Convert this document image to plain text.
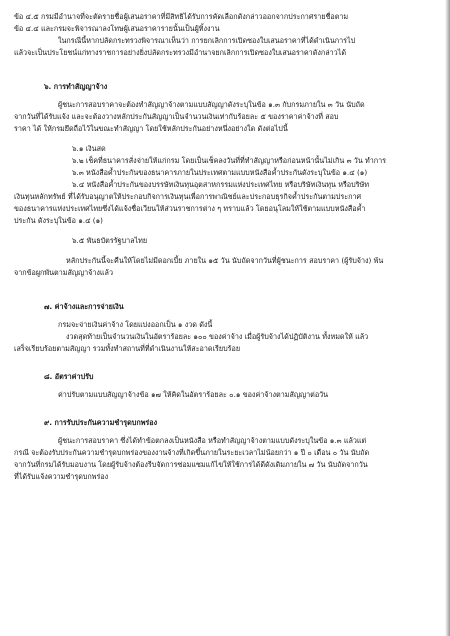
ข้อ ๔.๕ กรมมีอำนาจที่จะตัดรายชื่อผู้เสนอราคาที่มีสิทธิได้รับการคัดเลือกดังกล่าวออกจากประกาศรายชื่อตาม

ข้อ ๔.๔ และกรมจะพิจารณาลงโทษผู้เสนอราคารายนั้นเป็นผู้ทิ้งงาน

ในกรณีนี้หากปลัดกระทรวงพิจารณาเห็นว่า การยกเลิกการเปิดซองใบเสนอราคาที่ได้ดำเนินการไป

แล้วจะเป็นประโยชน์แก่ทางราชการอย่างยิ่งปลัดกระทรวงมีอำนาจยกเลิกการเปิดซองใบเสนอราคาดังกล่าวได้

๖. การทำสัญญาจ้าง

ผู้ชนะการสอบราคาจะต้องทำสัญญาจ้างตามแบบสัญญาดังระบุในข้อ ๑.๓ กับกรมภายใน ๓ วัน นับถัด

จากวันที่ได้รับแจ้ง และจะต้องวางหลักประกันสัญญาเป็นจำนวนเงินเท่ากับร้อยละ ๕ ของราคาค่าจ้างที่ สอบ

ราคา ได้ ให้กรมยึดถือไว้ในขณะทำสัญญา โดยใช้หลักประกันอย่างหนึ่งอย่างใด ดังต่อไปนี้

๖.๑ เงินสด

๖.๒ เช็คที่ธนาคารสั่งจ่ายให้แก่กรม โดยเป็นเช็คลงวันที่ที่ทำสัญญาหรือก่อนหน้านั้นไม่เกิน ๓ วัน ทำการ

๖.๓ หนังสือค้ำประกันของธนาคารภายในประเทศตามแบบหนังสือค้ำประกันดังระบุในข้อ ๑.๔ (๑)

๖.๔ หนังสือค้ำประกันของบรรษัทเงินทุนอุตสาหกรรมแห่งประเทศไทย หรือบริษัทเงินทุน หรือบริษัท

เงินทุนหลักทรัพย์ ที่ได้รับอนุญาตให้ประกอบกิจการเงินทุนเพื่อการพาณิชย์และประกอบธุรกิจค้ำประกันตามประกาศ

ของธนาคารแห่งประเทศไทยซึ่งได้แจ้งชื่อเวียนให้ส่วนราชการต่าง ๆ ทราบแล้ว โดยอนุโลมให้ใช้ตามแบบหนังสือค้ำ

ประกัน ดังระบุในข้อ ๑.๔ (๑)

๖.๕ พันธบัตรรัฐบาลไทย

หลักประกันนี้จะคืนให้โดยไม่มีดอกเบี้ย ภายใน ๑๕ วัน นับถัดจากวันที่ผู้ชนะการ สอบราคา (ผู้รับจ้าง) พ้น

จากข้อผูกพันตามสัญญาจ้างแล้ว

๗. ค่าจ้างและการจ่ายเงิน

กรมจะจ่ายเงินค่าจ้าง โดยแบ่งออกเป็น ๑ งวด ดังนี้

งวดสุดท้ายเป็นจำนวนเงินในอัตราร้อยละ ๑๐๐ ของค่าจ้าง เมื่อผู้รับจ้างได้ปฏิบัติงาน ทั้งหมดให้ แล้ว

เสร็จเรียบร้อยตามสัญญา รวมทั้งทำสถานที่ที่ดำเนินงานให้สะอาดเรียบร้อย

๘. อัตราค่าปรับ

ค่าปรับตามแบบสัญญาจ้างข้อ ๑๗ ให้คิดในอัตราร้อยละ ๐.๑ ของค่าจ้างตามสัญญาต่อวัน

๙. การรับประกันความชำรุดบกพร่อง

ผู้ชนะการสอบราคา ซึ่งได้ทำข้อตกลงเป็นหนังสือ หรือทำสัญญาจ้างตามแบบดังระบุในข้อ ๑.๓ แล้วแต่

กรณี จะต้องรับประกันความชำรุดบกพร่องของงานจ้างที่เกิดขึ้นภายในระยะเวลาไม่น้อยกว่า ๑ ปี ๐ เดือน ๐ วัน นับถัด

จากวันที่กรมได้รับมอบงาน โดยผู้รับจ้างต้องรีบจัดการซ่อมแซมแก้ไขให้ใช้การได้ดีดังเดิมภายใน ๗ วัน นับถัดจากวัน

ที่ได้รับแจ้งความชำรุดบกพร่อง
